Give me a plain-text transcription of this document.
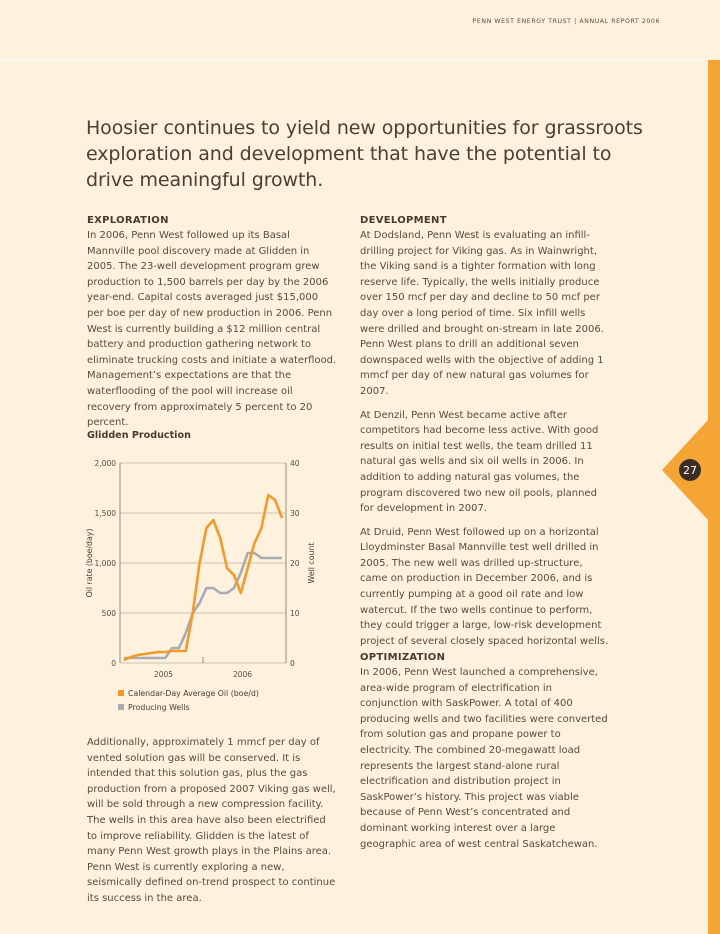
27
PENN WEST ENERGY TRUST | ANNUAL REPORT 2006
Hoosier continues to yield new opportunities for grassroots exploration and development that have the potential to drive meaningful growth.
EXPLORATION
In 2006, Penn West followed up its Basal Mannville pool discovery made at Glidden in 2005. The 23-well development program grew production to 1,500 barrels per day by the 2006 year-end. Capital costs averaged just $15,000 per boe per day of new production in 2006. Penn West is currently building a $12 million central battery and production gathering network to eliminate trucking costs and initiate a waterflood. Management’s expectations are that the waterflooding of the pool will increase oil recovery from approximately 5 percent to 20 percent.
Glidden Production
0
500
1,000
1,500
2,000
0
10
20
30
40
2005	2006
Oil rate (boe/day)	Well count
Calendar-Day Average Oil (boe/d)
Producing Wells
Additionally, approximately 1 mmcf per day of vented solution gas will be conserved. It is intended that this solution gas, plus the gas production from a proposed 2007 Viking gas well, will be sold through a new compression facility. The wells in this area have also been electrified to improve reliability. Glidden is the latest of many Penn West growth plays in the Plains area. Penn West is currently exploring a new, seismically defined on-trend prospect to continue its success in the area.
DEVELOPMENT
At Dodsland, Penn West is evaluating an infill-drilling project for Viking gas. As in Wainwright, the Viking sand is a tighter formation with long reserve life. Typically, the wells initially produce over 150 mcf per day and decline to 50 mcf per day over a long period of time. Six infill wells were drilled and brought on-stream in late 2006. Penn West plans to drill an additional seven downspaced wells with the objective of adding 1 mmcf per day of new natural gas volumes for 2007.
At Denzil, Penn West became active after competitors had become less active. With good results on initial test wells, the team drilled 11 natural gas wells and six oil wells in 2006. In addition to adding natural gas volumes, the program discovered two new oil pools, planned for development in 2007.
At Druid, Penn West followed up on a horizontal Lloydminster Basal Mannville test well drilled in 2005. The new well was drilled up-structure, came on production in December 2006, and is currently pumping at a good oil rate and low watercut. If the two wells continue to perform, they could trigger a large, low-risk development project of several closely spaced horizontal wells.
OPTIMIZATION
In 2006, Penn West launched a comprehensive, area-wide program of electrification in conjunction with SaskPower. A total of 400 producing wells and two facilities were converted from solution gas and propane power to electricity. The combined 20-megawatt load represents the largest stand-alone rural electrification and distribution project in SaskPower’s history. This project was viable because of Penn West’s concentrated and dominant working interest over a large geographic area of west central Saskatchewan.
